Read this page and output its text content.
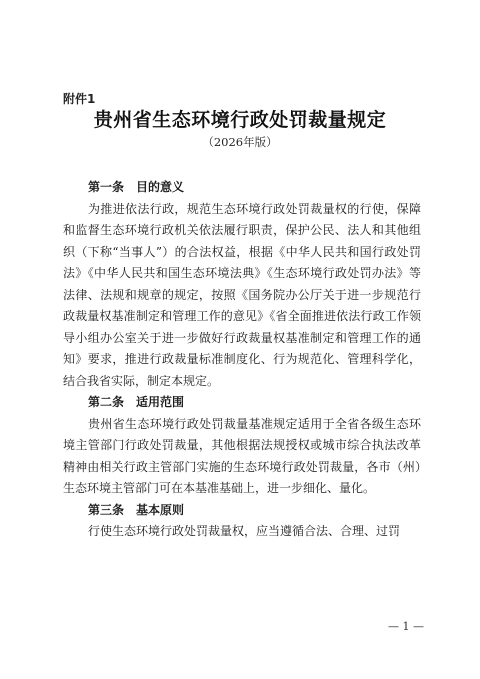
附件1
贵州省生态环境行政处罚裁量规定
（2026年版）

第一条　目的意义

为推进依法行政，规范生态环境行政处罚裁量权的行使，保障和监督生态环境行政机关依法履行职责，保护公民、法人和其他组织（下称“当事人”）的合法权益，根据《中华人民共和国行政处罚法》《中华人民共和国生态环境法典》《生态环境行政处罚办法》等法律、法规和规章的规定，按照《国务院办公厅关于进一步规范行政裁量权基准制定和管理工作的意见》《省全面推进依法行政工作领导小组办公室关于进一步做好行政裁量权基准制定和管理工作的通知》要求，推进行政裁量标准制度化、行为规范化、管理科学化，结合我省实际，制定本规定。

第二条　适用范围

贵州省生态环境行政处罚裁量基准规定适用于全省各级生态环境主管部门行政处罚裁量，其他根据法规授权或城市综合执法改革精神由相关行政主管部门实施的生态环境行政处罚裁量，各市（州）生态环境主管部门可在本基准基础上，进一步细化、量化。

第三条　基本原则

行使生态环境行政处罚裁量权，应当遵循合法、合理、过罚

— 1 —
